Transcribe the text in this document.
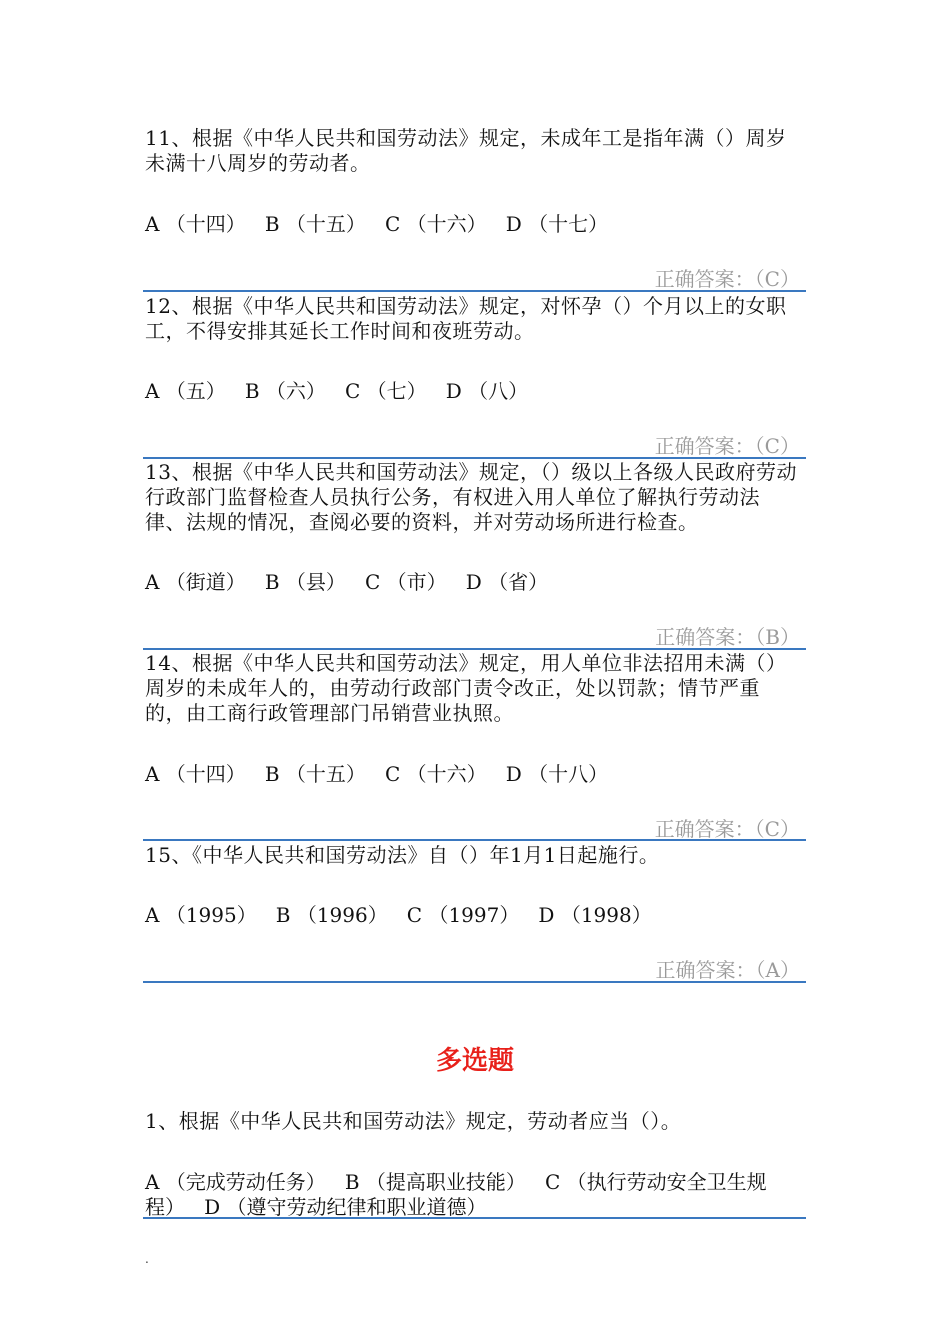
11、根据《中华人民共和国劳动法》规定，未成年工是指年满（）周岁未满十八周岁的劳动者。

A （十四）   B （十五）   C （十六）   D （十七）

正确答案：（C）

12、根据《中华人民共和国劳动法》规定，对怀孕（）个月以上的女职工，不得安排其延长工作时间和夜班劳动。

A （五）   B （六）   C （七）   D （八）

正确答案：（C）

13、根据《中华人民共和国劳动法》规定，（）级以上各级人民政府劳动行政部门监督检查人员执行公务，有权进入用人单位了解执行劳动法律、法规的情况，查阅必要的资料，并对劳动场所进行检查。

A （街道）   B （县）   C （市）   D （省）

正确答案：（B）

14、根据《中华人民共和国劳动法》规定，用人单位非法招用未满（）周岁的未成年人的，由劳动行政部门责令改正，处以罚款；情节严重的，由工商行政管理部门吊销营业执照。

A （十四）   B （十五）   C （十六）   D （十八）

正确答案：（C）

15、《中华人民共和国劳动法》自（）年1月1日起施行。

A （1995）   B （1996）   C （1997）   D （1998）

正确答案：（A）
多选题

1、根据《中华人民共和国劳动法》规定，劳动者应当（）。

A （完成劳动任务）   B （提高职业技能）   C （执行劳动安全卫生规程）   D （遵守劳动纪律和职业道德）

.
